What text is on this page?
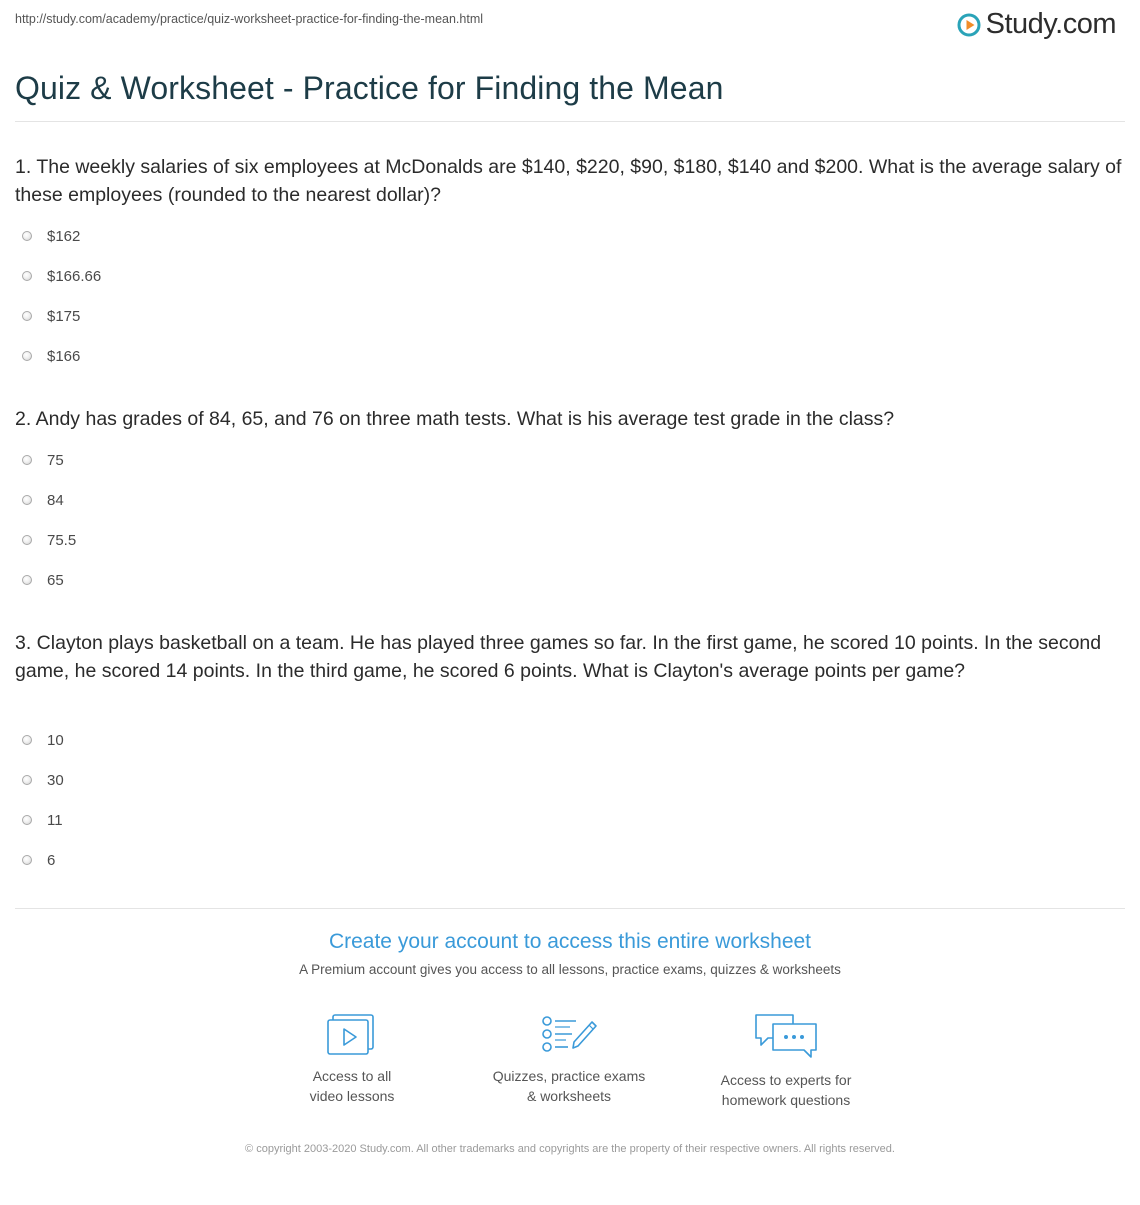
http://study.com/academy/practice/quiz-worksheet-practice-for-finding-the-mean.html	Study.com
Quiz & Worksheet - Practice for Finding the Mean
1. The weekly salaries of six employees at McDonalds are $140, $220, $90, $180, $140 and $200. What is the average salary of these employees (rounded to the nearest dollar)?
$162
$166.66
$175
$166
2. Andy has grades of 84, 65, and 76 on three math tests. What is his average test grade in the class?
75
84
75.5
65
3. Clayton plays basketball on a team. He has played three games so far. In the first game, he scored 10 points. In the second game, he scored 14 points. In the third game, he scored 6 points. What is Clayton's average points per game?
10
30
11
6
Create your account to access this entire worksheet
A Premium account gives you access to all lessons, practice exams, quizzes & worksheets
Access to all
video lessons
Quizzes, practice exams
& worksheets
Access to experts for
homework questions
© copyright 2003-2020 Study.com. All other trademarks and copyrights are the property of their respective owners. All rights reserved.
